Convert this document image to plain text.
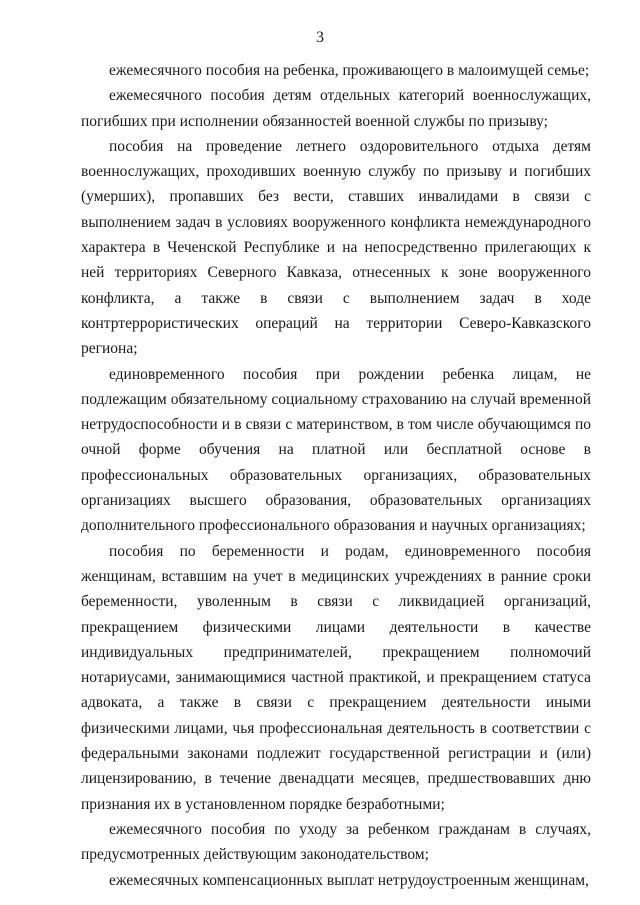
3

ежемесячного пособия на ребенка, проживающего в малоимущей семье;

ежемесячного пособия детям отдельных категорий военнослужащих, погибших при исполнении обязанностей военной службы по призыву;

пособия на проведение летнего оздоровительного отдыха детям военнослужащих, проходивших военную службу по призыву и погибших (умерших), пропавших без вести, ставших инвалидами в связи с выполнением задач в условиях вооруженного конфликта немеждународного характера в Чеченской Республике и на непосредственно прилегающих к ней территориях Северного Кавказа, отнесенных к зоне вооруженного конфликта, а также в связи с выполнением задач в ходе контртеррористических операций на территории Северо-Кавказского региона;

единовременного пособия при рождении ребенка лицам, не подлежащим обязательному социальному страхованию на случай временной нетрудоспособности и в связи с материнством, в том числе обучающимся по очной форме обучения на платной или бесплатной основе в профессиональных образовательных организациях, образовательных организациях высшего образования, образовательных организациях дополнительного профессионального образования и научных организациях;

пособия по беременности и родам, единовременного пособия женщинам, вставшим на учет в медицинских учреждениях в ранние сроки беременности, уволенным в связи с ликвидацией организаций, прекращением физическими лицами деятельности в качестве индивидуальных предпринимателей, прекращением полномочий нотариусами, занимающимися частной практикой, и прекращением статуса адвоката, а также в связи с прекращением деятельности иными физическими лицами, чья профессиональная деятельность в соответствии с федеральными законами подлежит государственной регистрации и (или) лицензированию, в течение двенадцати месяцев, предшествовавших дню признания их в установленном порядке безработными;

ежемесячного пособия по уходу за ребенком гражданам в случаях, предусмотренных действующим законодательством;

ежемесячных компенсационных выплат нетрудоустроенным женщинам,
